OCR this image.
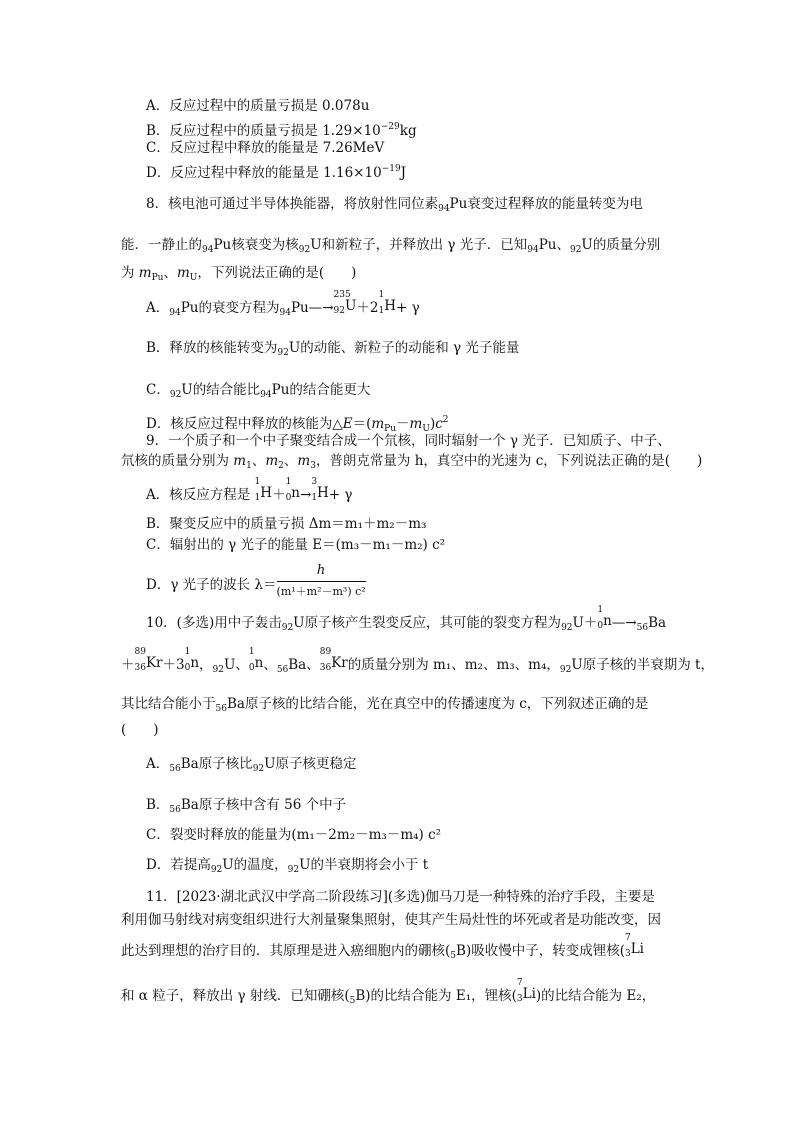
A．反应过程中的质量亏损是 0.078u
B．反应过程中的质量亏损是 $1.29\times 10^{-29}kg$
C．反应过程中释放的能量是 7.26MeV
D．反应过程中释放的能量是 $1.16\times 10^{-19}J$
8．核电池可通过半导体换能器，将放射性同位素$_{94}$Pu衰变过程释放的能量转变为电
能．一静止的$_{94}$Pu核衰变为核$_{92}$U和新粒子，并释放出 γ 光子．已知$_{94}$Pu、$_{92}$U的质量分别
为 $m_{Pu}$、$m_U$，下列说法正确的是(　　)
A．$_{94}$Pu的衰变方程为$_{94}$Pu—→
235
$_{92}$U＋2
1
$_1$H+ γ
B．释放的核能转变为$_{92}$U的动能、新粒子的动能和 γ 光子能量
C．$_{92}$U的结合能比$_{94}$Pu的结合能更大
D．核反应过程中释放的核能为$\triangle E=(m_{Pu}-m_U)c^2$
9．一个质子和一个中子聚变结合成一个氘核，同时辐射一个 γ 光子．已知质子、中子、
氘核的质量分别为 $m_1$、$m_2$、$m_3$，普朗克常量为 h，真空中的光速为 c，下列说法正确的是(　　)
A．核反应方程是
1
$_1$H＋
1
$_0$n→
3
$_1$H+ γ
B．聚变反应中的质量亏损 Δm＝m₁＋m₂－m₃
C．辐射出的 γ 光子的能量 E＝(m₃－m₁－m₂) c²
D．γ 光子的波长 $\lambda= \frac{h}{\text{(m¹＋m²－m³) c²}}$
10．(多选)用中子轰击$_{92}$U原子核产生裂变反应，其可能的裂变方程为$_{92}$U＋
1
$_0n—\to_{56}Ba$
＋
89
$_{36}$Kr＋3
1
$_0$n，$_{92}$U、
1
$_0$n、$_{56}$Ba、
89
$_{36}$Kr的质量分别为 m₁、m₂、m₃、m₄，$_{92}$U原子核的半衰期为 t，
其比结合能小于$_{56}$Ba原子核的比结合能，光在真空中的传播速度为 c，下列叙述正确的是
(　　)
A．$_{56}$Ba原子核比$_{92}$U原子核更稳定
B．$_{56}$Ba原子核中含有 56 个中子
C．裂变时释放的能量为(m₁－2m₂－m₃－m₄) c²
D．若提高$_{92}$U的温度，$_{92}$U的半衰期将会小于 t
11．[2023·湖北武汉中学高二阶段练习](多选)伽马刀是一种特殊的治疗手段，主要是
利用伽马射线对病变组织进行大剂量聚集照射，使其产生局灶性的坏死或者是功能改变，因
此达到理想的治疗目的．其原理是进入癌细胞内的硼核$(_5B)$吸收慢中子，转变成锂核(
7
$_3$Li
和 α 粒子，释放出 γ 射线．已知硼核$(_5B)$的比结合能为 E₁，锂核(
7
$_3$Li)的比结合能为 E₂，
